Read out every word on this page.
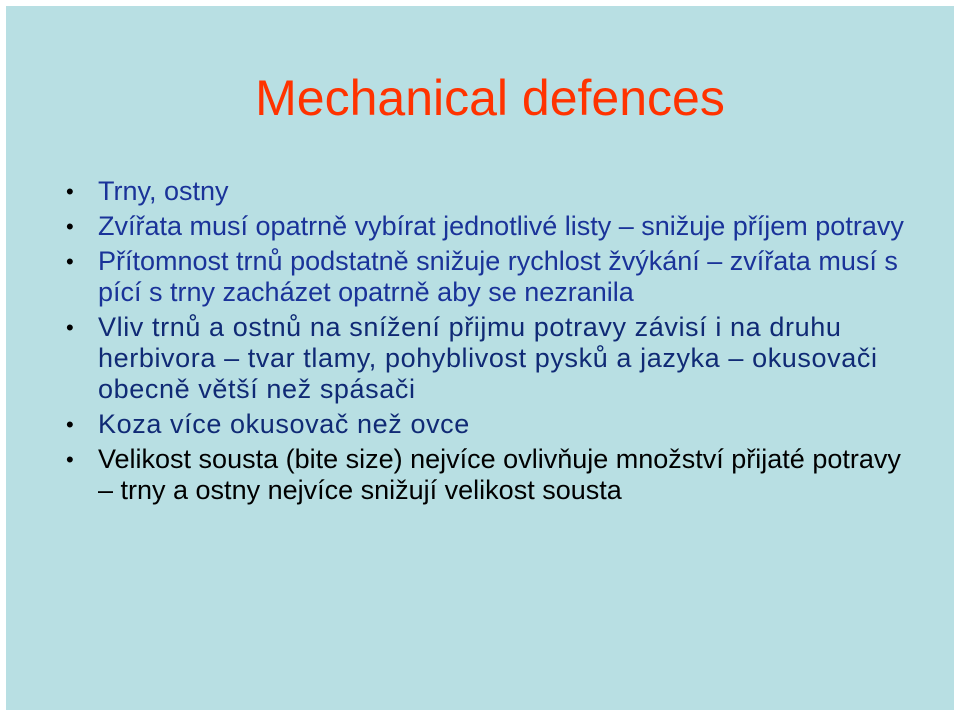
Mechanical defences
• Trny, ostny
• Zvířata musí opatrně vybírat jednotlivé listy – snižuje příjem potravy
• Přítomnost trnů podstatně snižuje rychlost žvýkání – zvířata musí s pící s trny zacházet opatrně aby se nezranila
• Vliv trnů a ostnů na snížení přijmu potravy závisí i na druhu herbivora – tvar tlamy, pohyblivost pysků a jazyka – okusovači obecně větší než spásači
• Koza více okusovač než ovce
• Velikost sousta (bite size) nejvíce ovlivňuje množství přijaté potravy – trny a ostny nejvíce snižují velikost sousta
